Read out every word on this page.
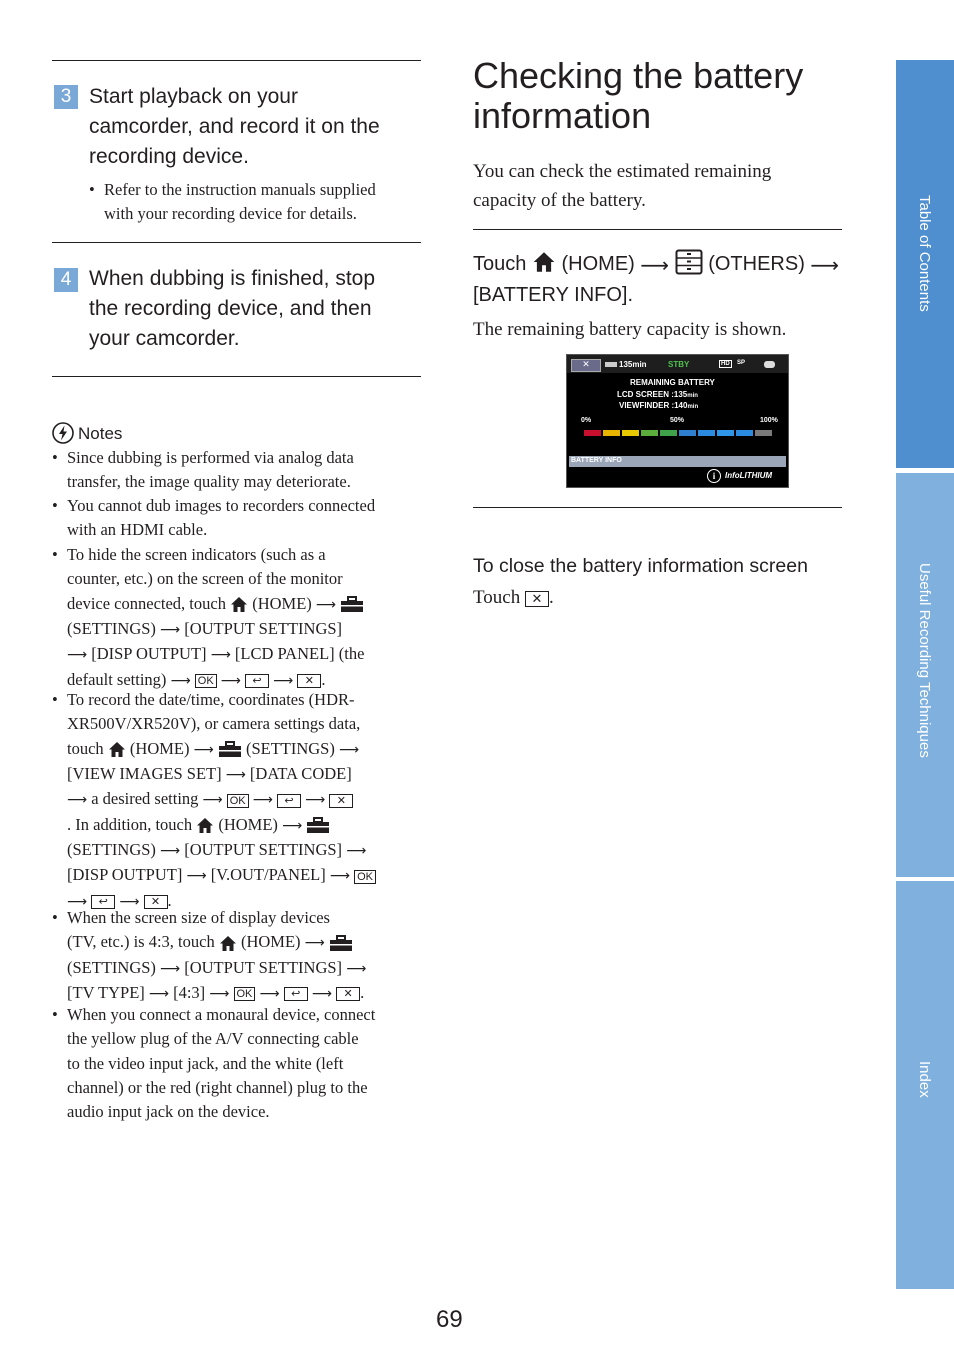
3 Start playback on your
camcorder, and record it on the
recording device.
• Refer to the instruction manuals supplied
with your recording device for details.
4 When dubbing is finished, stop
the recording device, and then
your camcorder.
Notes
• Since dubbing is performed via analog data
transfer, the image quality may deteriorate.
• You cannot dub images to recorders connected
with an HDMI cable.
• To hide the screen indicators (such as a
counter, etc.) on the screen of the monitor
device connected, touch (HOME) ⟶
(SETTINGS) ⟶ [OUTPUT SETTINGS]
⟶ [DISP OUTPUT] ⟶ [LCD PANEL] (the
default setting) ⟶ OK ⟶ ↩ ⟶ ✕ .
• To record the date/time, coordinates (HDR-
XR500V/XR520V), or camera settings data,
touch (HOME) ⟶ (SETTINGS) ⟶
[VIEW IMAGES SET] ⟶ [DATA CODE]
⟶ a desired setting ⟶ OK ⟶ ↩ ⟶ ✕
. In addition, touch (HOME) ⟶
(SETTINGS) ⟶ [OUTPUT SETTINGS] ⟶
[DISP OUTPUT] ⟶ [V.OUT/PANEL] ⟶ OK
⟶ ↩ ⟶ ✕ .
• When the screen size of display devices
(TV, etc.) is 4:3, touch (HOME) ⟶
(SETTINGS) ⟶ [OUTPUT SETTINGS] ⟶
[TV TYPE] ⟶ [4:3] ⟶ OK ⟶ ↩ ⟶ ✕ .
• When you connect a monaural device, connect
the yellow plug of the A/V connecting cable
to the video input jack, and the white (left
channel) or the red (right channel) plug to the
audio input jack on the device.
Checking the battery
information
You can check the estimated remaining
capacity of the battery.
Touch (HOME) ⟶ (OTHERS) ⟶
[BATTERY INFO].
The remaining battery capacity is shown.
✕	135min	STBY	HD	SP
REMAINING BATTERY
LCD SCREEN :135min
VIEWFINDER :140min
0%	50%	100%
BATTERY INFO
i	InfoLITHIUM
To close the battery information screen
Touch ✕ .
Table of Contents
Useful Recording Techniques
Index
69
